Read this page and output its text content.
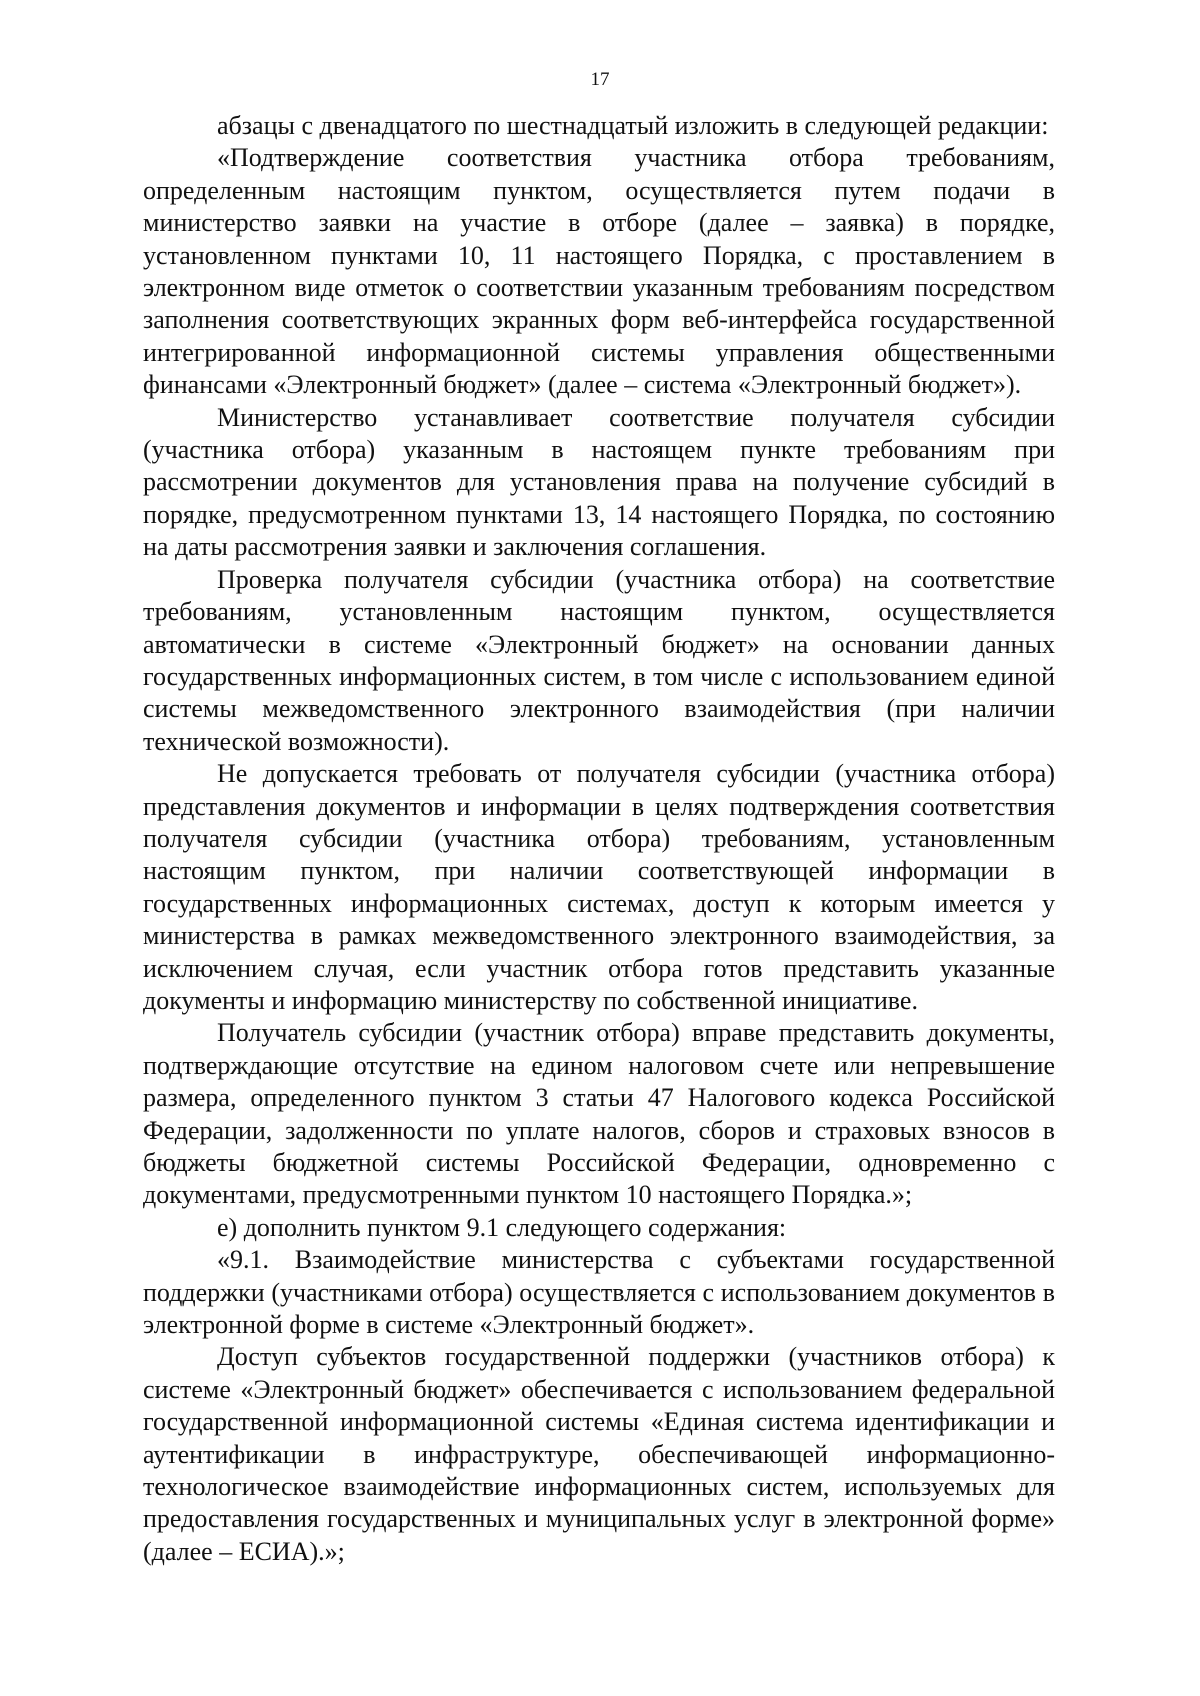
17

абзацы с двенадцатого по шестнадцатый изложить в следующей редакции:

«Подтверждение соответствия участника отбора требованиям, определенным настоящим пунктом, осуществляется путем подачи в министерство заявки на участие в отборе (далее – заявка) в порядке, установленном пунктами 10, 11 настоящего Порядка, с проставлением в электронном виде отметок о соответствии указанным требованиям посредством заполнения соответствующих экранных форм веб-интерфейса государственной интегрированной информационной системы управления общественными финансами «Электронный бюджет» (далее – система «Электронный бюджет»).

Министерство устанавливает соответствие получателя субсидии (участника отбора) указанным в настоящем пункте требованиям при рассмотрении документов для установления права на получение субсидий в порядке, предусмотренном пунктами 13, 14 настоящего Порядка, по состоянию на даты рассмотрения заявки и заключения соглашения.

Проверка получателя субсидии (участника отбора) на соответствие требованиям, установленным настоящим пунктом, осуществляется автоматически в системе «Электронный бюджет» на основании данных государственных информационных систем, в том числе с использованием единой системы межведомственного электронного взаимодействия (при наличии технической возможности).

Не допускается требовать от получателя субсидии (участника отбора) представления документов и информации в целях подтверждения соответствия получателя субсидии (участника отбора) требованиям, установленным настоящим пунктом, при наличии соответствующей информации в государственных информационных системах, доступ к которым имеется у министерства в рамках межведомственного электронного взаимодействия, за исключением случая, если участник отбора готов представить указанные документы и информацию министерству по собственной инициативе.

Получатель субсидии (участник отбора) вправе представить документы, подтверждающие отсутствие на едином налоговом счете или непревышение размера, определенного пунктом 3 статьи 47 Налогового кодекса Российской Федерации, задолженности по уплате налогов, сборов и страховых взносов в бюджеты бюджетной системы Российской Федерации, одновременно с документами, предусмотренными пунктом 10 настоящего Порядка.»;

е) дополнить пунктом 9.1 следующего содержания:

«9.1. Взаимодействие министерства с субъектами государственной поддержки (участниками отбора) осуществляется с использованием документов в электронной форме в системе «Электронный бюджет».

Доступ субъектов государственной поддержки (участников отбора) к системе «Электронный бюджет» обеспечивается с использованием федеральной государственной информационной системы «Единая система идентификации и аутентификации в инфраструктуре, обеспечивающей информационно-технологическое взаимодействие информационных систем, используемых для предоставления государственных и муниципальных услуг в электронной форме» (далее – ЕСИА).»;
